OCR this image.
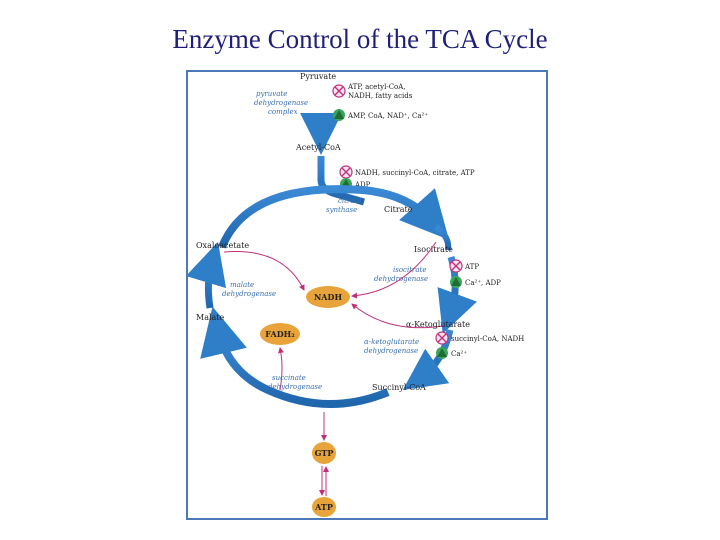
Enzyme Control of the TCA Cycle
Pyruvate
pyruvate
dehydrogenase
complex
ATP, acetyl-CoA,
NADH, fatty acids
AMP, CoA, NAD⁺, Ca²⁺
Acetyl-CoA
NADH, succinyl-CoA, citrate, ATP
ADP
citrate
synthase	Citrate
Oxaloacetate	Isocitrate
ATP
Ca²⁺, ADP
isocitrate
dehydrogenase
malate
dehydrogenase	NADH
Malate
α-Ketoglutarate
FADH₂	succinyl-CoA, NADH
Ca²⁺
α-ketoglutarate
dehydrogenase
succinate
dehydrogenase	Succinyl-CoA
GTP
ATP
